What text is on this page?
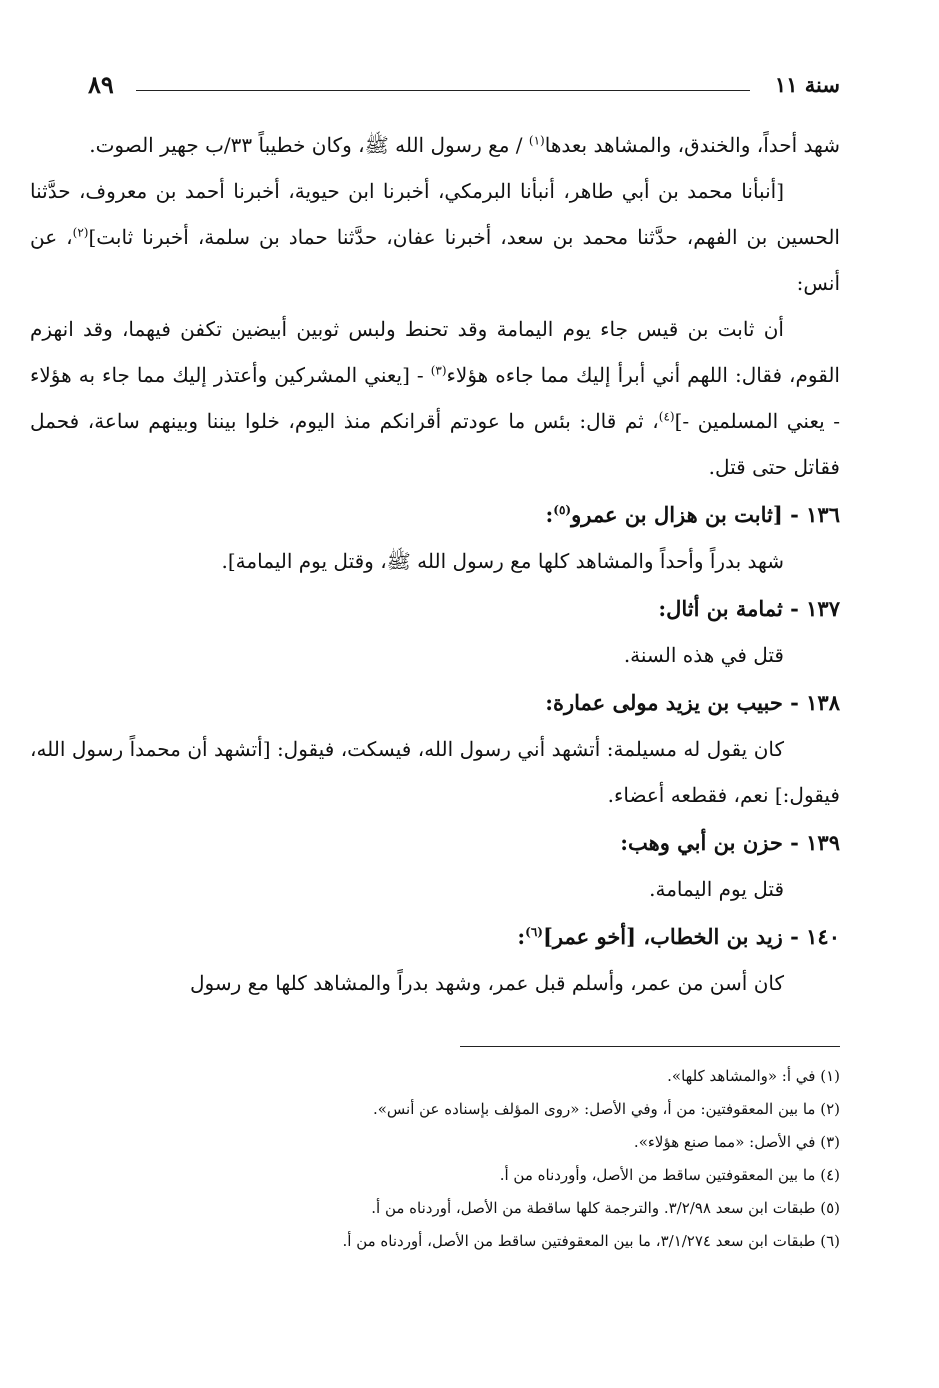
٨٩	سنة ١١

شهد أحداً، والخندق، والمشاهد بعدها$^{(١)}$ / مع رسول الله ﷺ، وكان خطيباً ٣٣/ب جهير الصوت.

[أنبأنا محمد بن أبي طاهر، أنبأنا البرمكي، أخبرنا ابن حيوية، أخبرنا أحمد بن معروف، حدَّثنا الحسين بن الفهم، حدَّثنا محمد بن سعد، أخبرنا عفان، حدَّثنا حماد بن سلمة، أخبرنا ثابت]$^{(٢)}$، عن أنس:

أن ثابت بن قيس جاء يوم اليمامة وقد تحنط ولبس ثوبين أبيضين تكفن فيهما، وقد انهزم القوم، فقال: اللهم أني أبرأ إليك مما جاءه هؤلاء$^{(٣)}$ - [يعني المشركين وأعتذر إليك مما جاء به هؤلاء - يعني المسلمين -]$^{(٤)}$، ثم قال: بئس ما عودتم أقرانكم منذ اليوم، خلوا بيننا وبينهم ساعة، فحمل فقاتل حتى قتل.

١٣٦ - [ثابت بن هزال بن عمرو$^{(٥)}$:

شهد بدراً وأحداً والمشاهد كلها مع رسول الله ﷺ، وقتل يوم اليمامة].

١٣٧ - ثمامة بن أثال:

قتل في هذه السنة.

١٣٨ - حبيب بن يزيد مولى عمارة:

كان يقول له مسيلمة: أتشهد أني رسول الله، فيسكت، فيقول: [أتشهد أن محمداً رسول الله، فيقول:] نعم، فقطعه أعضاء.

١٣٩ - حزن بن أبي وهب:

قتل يوم اليمامة.

١٤٠ - زيد بن الخطاب، [أخو عمر]$^{(٦)}$:

كان أسن من عمر، وأسلم قبل عمر، وشهد بدراً والمشاهد كلها مع رسول

(١) في أ: «والمشاهد كلها».

(٢) ما بين المعقوفتين: من أ، وفي الأصل: «روى المؤلف بإسناده عن أنس».

(٣) في الأصل: «مما صنع هؤلاء».

(٤) ما بين المعقوفتين ساقط من الأصل، وأوردناه من أ.

(٥) طبقات ابن سعد ٣/٢/٩٨. والترجمة كلها ساقطة من الأصل، أوردناه من أ.

(٦) طبقات ابن سعد ٣/١/٢٧٤، ما بين المعقوفتين ساقط من الأصل، أوردناه من أ.
